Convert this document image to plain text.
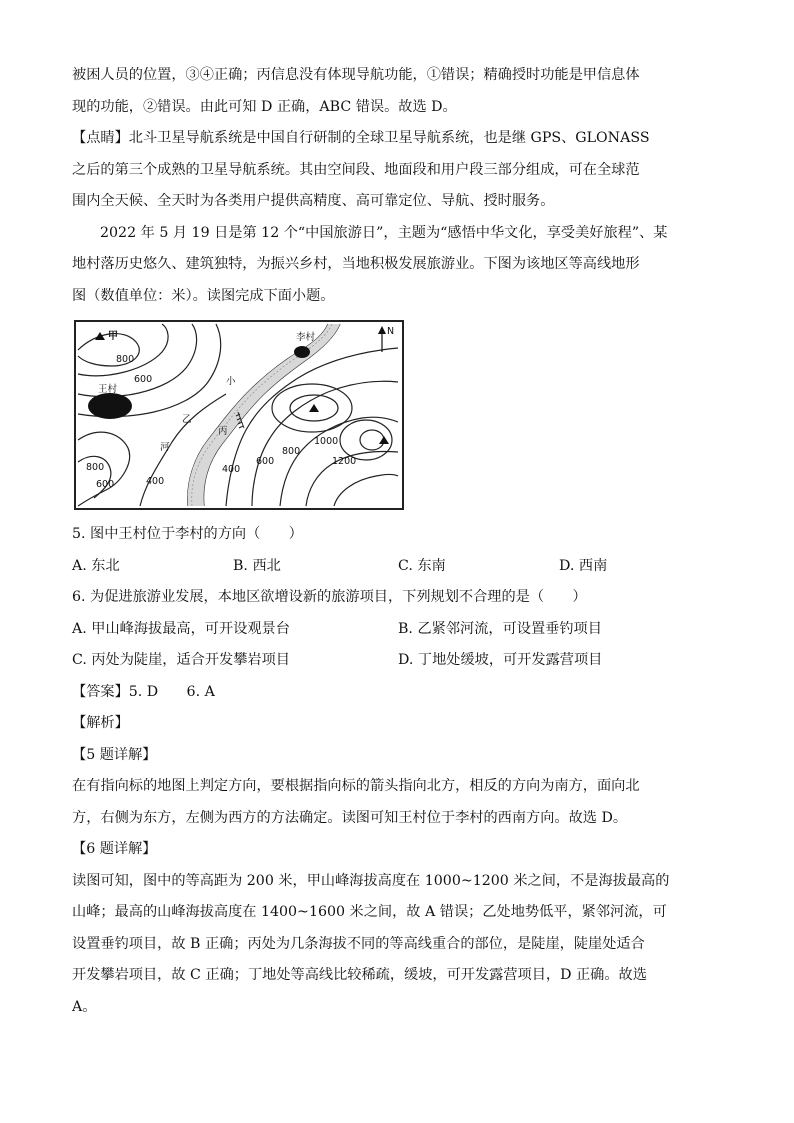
被困人员的位置，③④正确；丙信息没有体现导航功能，①错误；精确授时功能是甲信息体
现的功能，②错误。由此可知 D 正确，ABC 错误。故选 D。
【点睛】北斗卫星导航系统是中国自行研制的全球卫星导航系统，也是继 GPS、GLONASS
之后的第三个成熟的卫星导航系统。其由空间段、地面段和用户段三部分组成，可在全球范
围内全天候、全天时为各类用户提供高精度、高可靠定位、导航、授时服务。
2022 年 5 月 19 日是第 12 个“中国旅游日”，主题为“感悟中华文化，享受美好旅程”、某
地村落历史悠久、建筑独特，为振兴乡村，当地积极发展旅游业。下图为该地区等高线地形
图（数值单位：米）。读图完成下面小题。
甲	李村
王村
小
河
乙
丙
N
800
600
1000
1200
800
600	400
400
600
800
5. 图中王村位于李村的方向（　　）
A. 东北	B. 西北	C. 东南	D. 西南
6. 为促进旅游业发展，本地区欲增设新的旅游项目，下列规划不合理的是（　　）
A. 甲山峰海拔最高，可开设观景台	B. 乙紧邻河流，可设置垂钓项目
C. 丙处为陡崖，适合开发攀岩项目	D. 丁地处缓坡，可开发露营项目
【答案】5. D　　6. A
【解析】
【5 题详解】
在有指向标的地图上判定方向，要根据指向标的箭头指向北方，相反的方向为南方，面向北
方，右侧为东方，左侧为西方的方法确定。读图可知王村位于李村的西南方向。故选 D。
【6 题详解】
读图可知，图中的等高距为 200 米，甲山峰海拔高度在 1000~1200 米之间，不是海拔最高的
山峰；最高的山峰海拔高度在 1400~1600 米之间，故 A 错误；乙处地势低平，紧邻河流，可
设置垂钓项目，故 B 正确；丙处为几条海拔不同的等高线重合的部位，是陡崖，陡崖处适合
开发攀岩项目，故 C 正确；丁地处等高线比较稀疏，缓坡，可开发露营项目，D 正确。故选
A。
